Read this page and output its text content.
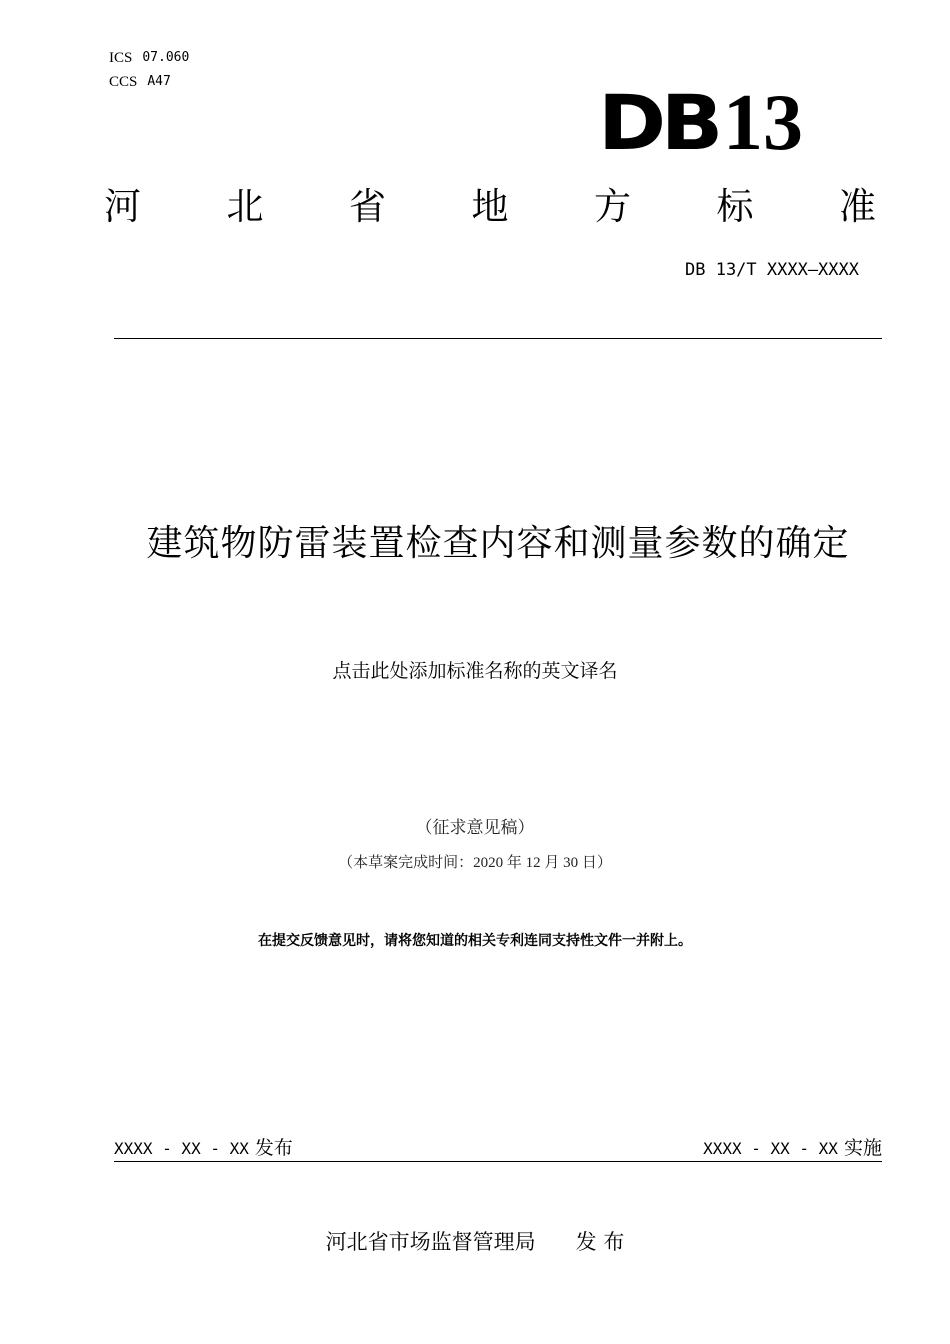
ICS 07.060
CCS A47	DB 13
河 北 省 地 方 标 准
DB 13/T XXXX—XXXX
建筑物防雷装置检查内容和测量参数的确定
点击此处添加标准名称的英文译名
（征求意见稿）
（本草案完成时间：2020 年 12 月 30 日）
在提交反馈意见时，请将您知道的相关专利连同支持性文件一并附上。
XXXX - XX - XX 发布	XXXX - XX - XX 实施
河北省市场监督管理局      发 布
